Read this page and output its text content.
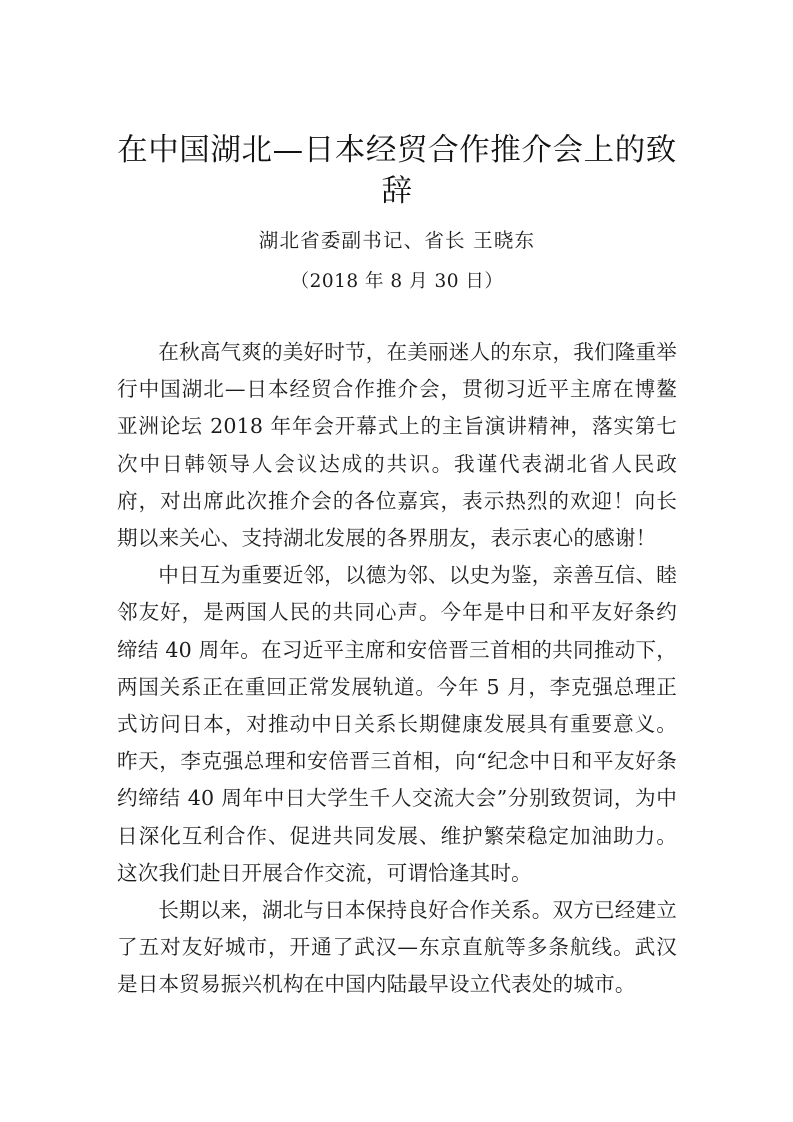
在中国湖北—日本经贸合作推介会上的致辞

湖北省委副书记、省长 王晓东

（2018 年 8 月 30 日）

在秋高气爽的美好时节，在美丽迷人的东京，我们隆重举行中国湖北—日本经贸合作推介会，贯彻习近平主席在博鳌亚洲论坛 2018 年年会开幕式上的主旨演讲精神，落实第七次中日韩领导人会议达成的共识。我谨代表湖北省人民政府，对出席此次推介会的各位嘉宾，表示热烈的欢迎！向长期以来关心、支持湖北发展的各界朋友，表示衷心的感谢！

中日互为重要近邻，以德为邻、以史为鉴，亲善互信、睦邻友好，是两国人民的共同心声。今年是中日和平友好条约缔结 40 周年。在习近平主席和安倍晋三首相的共同推动下，两国关系正在重回正常发展轨道。今年 5 月，李克强总理正式访问日本，对推动中日关系长期健康发展具有重要意义。昨天，李克强总理和安倍晋三首相，向“纪念中日和平友好条约缔结 40 周年中日大学生千人交流大会”分别致贺词，为中日深化互利合作、促进共同发展、维护繁荣稳定加油助力。这次我们赴日开展合作交流，可谓恰逢其时。

长期以来，湖北与日本保持良好合作关系。双方已经建立了五对友好城市，开通了武汉—东京直航等多条航线。武汉是日本贸易振兴机构在中国内陆最早设立代表处的城市。
